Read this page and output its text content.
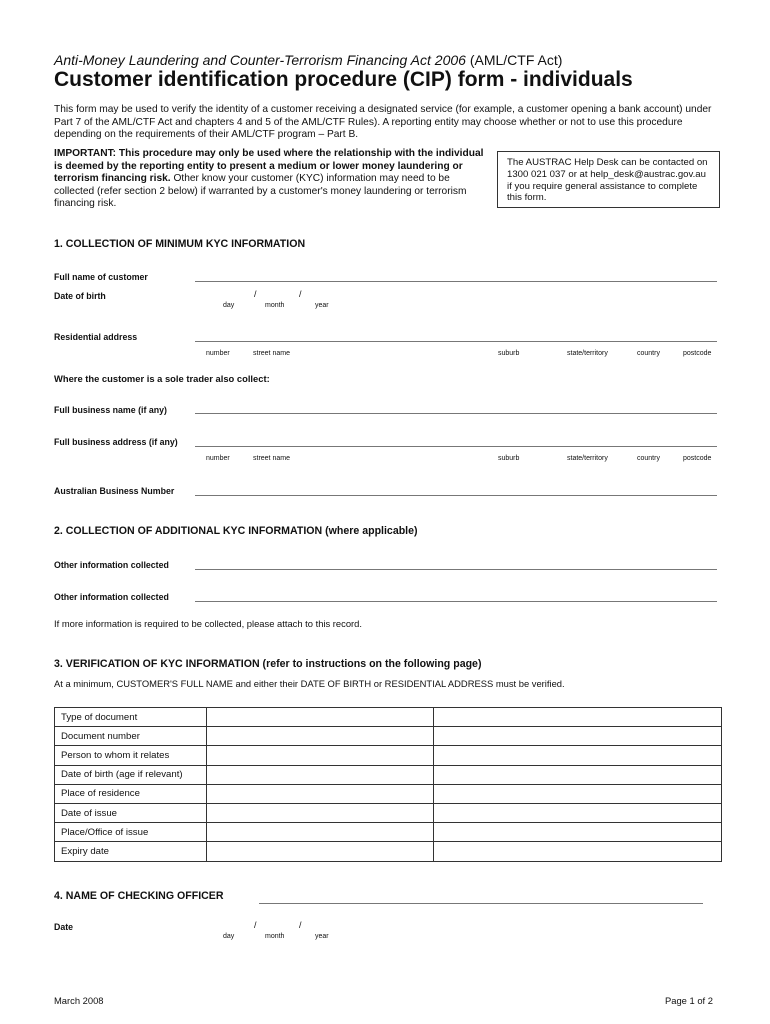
Anti-Money Laundering and Counter-Terrorism Financing Act 2006 (AML/CTF Act)
Customer identification procedure (CIP) form - individuals
This form may be used to verify the identity of a customer receiving a designated service (for example, a customer opening a bank account) under Part 7 of the AML/CTF Act and chapters 4 and 5 of the AML/CTF Rules). A reporting entity may choose whether or not to use this procedure depending on the requirements of their AML/CTF program – Part B.
IMPORTANT: This procedure may only be used where the relationship with the individual is deemed by the reporting entity to present a medium or lower money laundering or terrorism financing risk. Other know your customer (KYC) information may need to be collected (refer section 2 below) if warranted by a customer's money laundering or terrorism financing risk.
The AUSTRAC Help Desk can be contacted on 1300 021 037 or at help_desk@austrac.gov.au if you require general assistance to complete this form.
1. COLLECTION OF MINIMUM KYC INFORMATION
Full name of customer
Date of birth	/	/
day	month	year
Residential address
number	street name	suburb	state/territory	country	postcode
Where the customer is a sole trader also collect:
Full business name (if any)
Full business address (if any)
number	street name	suburb	state/territory	country	postcode
Australian Business Number
2. COLLECTION OF ADDITIONAL KYC INFORMATION (where applicable)
Other information collected
Other information collected
If more information is required to be collected, please attach to this record.
3. VERIFICATION OF KYC INFORMATION (refer to instructions on the following page)
At a minimum, CUSTOMER'S FULL NAME and either their DATE OF BIRTH or RESIDENTIAL ADDRESS must be verified.
Type of document		
Document number		
Person to whom it relates		
Date of birth (age if relevant)		
Place of residence		
Date of issue		
Place/Office of issue		
Expiry date		
4. NAME OF CHECKING OFFICER
Date	/	/
day	month	year
March 2008	Page 1 of 2
